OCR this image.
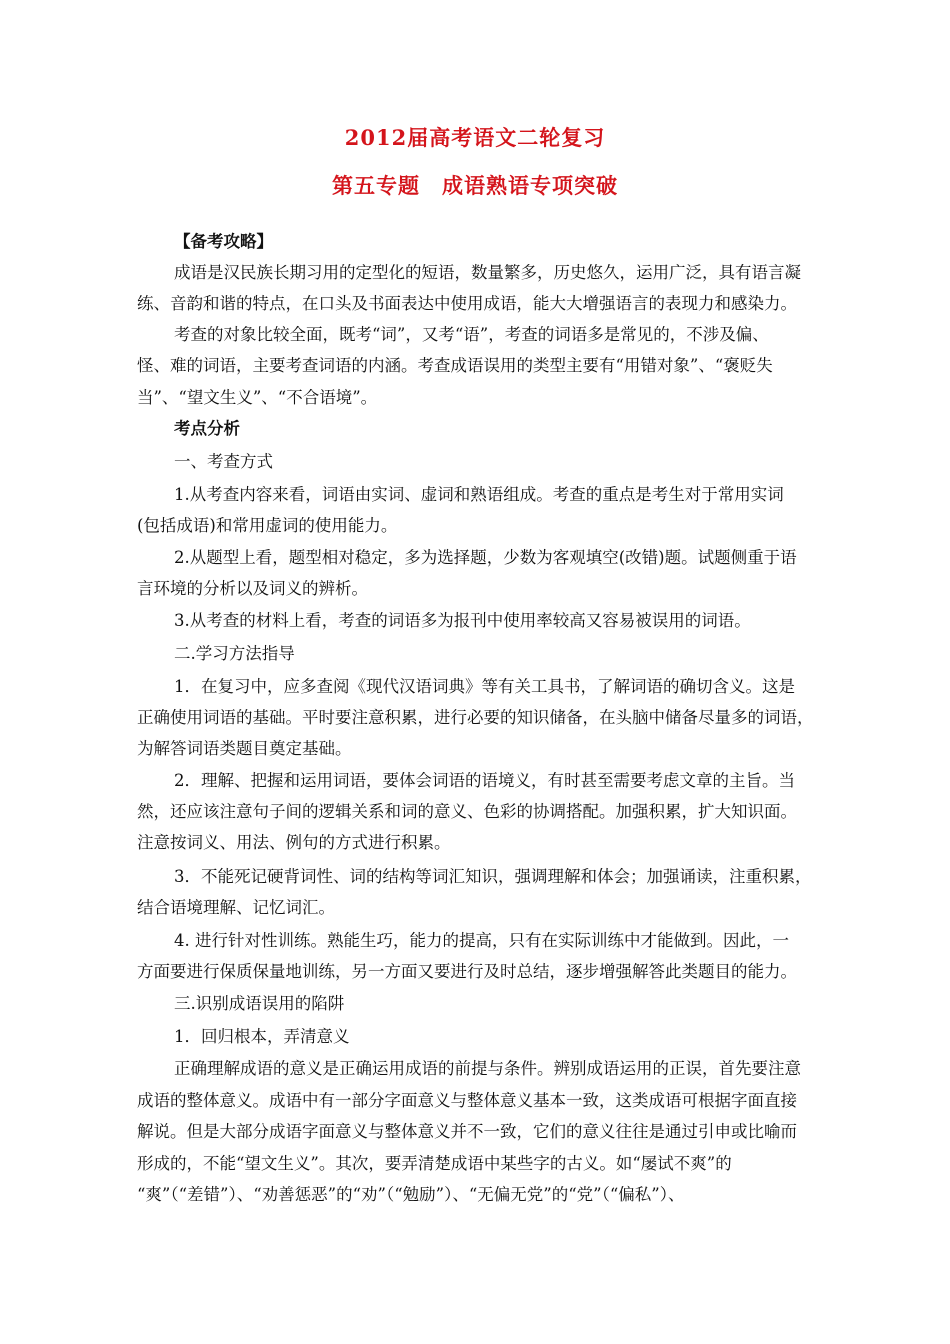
2012届高考语文二轮复习
第五专题　成语熟语专项突破
【备考攻略】
成语是汉民族长期习用的定型化的短语，数量繁多，历史悠久，运用广泛，具有语言凝
练、音韵和谐的特点，在口头及书面表达中使用成语，能大大增强语言的表现力和感染力。
考查的对象比较全面，既考“词”，又考“语”，考查的词语多是常见的，不涉及偏、
怪、难的词语，主要考查词语的内涵。考查成语误用的类型主要有“用错对象”、“褒贬失
当”、“望文生义”、“不合语境”。
考点分析
一、考查方式
1.从考查内容来看，词语由实词、虚词和熟语组成。考查的重点是考生对于常用实词
(包括成语)和常用虚词的使用能力。
2.从题型上看，题型相对稳定，多为选择题，少数为客观填空(改错)题。试题侧重于语
言环境的分析以及词义的辨析。
3.从考查的材料上看，考查的词语多为报刊中使用率较高又容易被误用的词语。
二.学习方法指导
1．在复习中，应多查阅《现代汉语词典》等有关工具书，了解词语的确切含义。这是
正确使用词语的基础。平时要注意积累，进行必要的知识储备，在头脑中储备尽量多的词语，
为解答词语类题目奠定基础。
2．理解、把握和运用词语，要体会词语的语境义，有时甚至需要考虑文章的主旨。当
然，还应该注意句子间的逻辑关系和词的意义、色彩的协调搭配。加强积累，扩大知识面。
注意按词义、用法、例句的方式进行积累。
3．不能死记硬背词性、词的结构等词汇知识，强调理解和体会；加强诵读，注重积累，
结合语境理解、记忆词汇。
4. 进行针对性训练。熟能生巧，能力的提高，只有在实际训练中才能做到。因此，一
方面要进行保质保量地训练，另一方面又要进行及时总结，逐步增强解答此类题目的能力。
三.识别成语误用的陷阱
1．回归根本，弄清意义
正确理解成语的意义是正确运用成语的前提与条件。辨别成语运用的正误，首先要注意
成语的整体意义。成语中有一部分字面意义与整体意义基本一致，这类成语可根据字面直接
解说。但是大部分成语字面意义与整体意义并不一致，它们的意义往往是通过引申或比喻而
形成的，不能“望文生义”。其次，要弄清楚成语中某些字的古义。如“屡试不爽”的
“爽”（“差错”）、“劝善惩恶”的“劝”（“勉励”）、“无偏无党”的“党”（“偏私”）、
